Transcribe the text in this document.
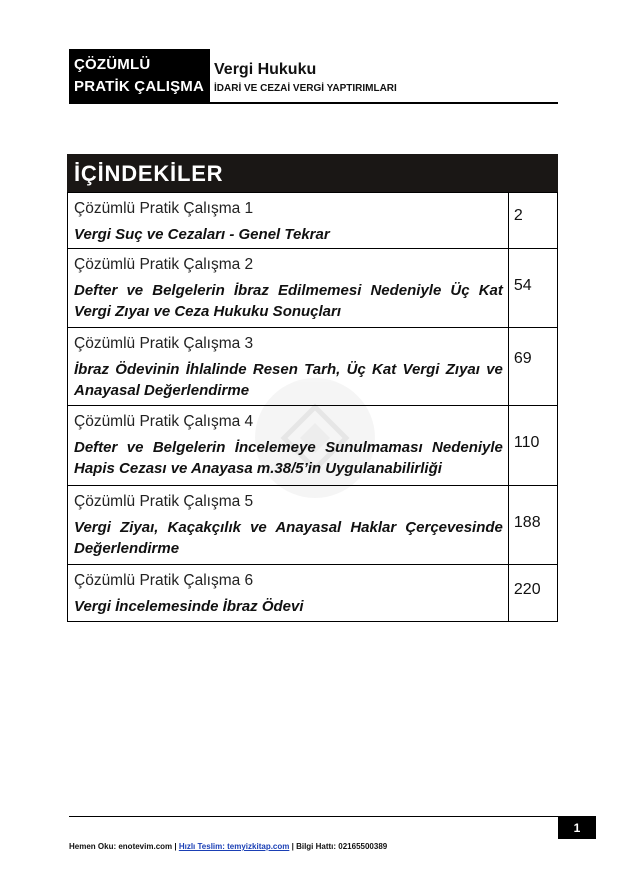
ÇÖZÜMLÜ
PRATİK ÇALIŞMA
Vergi Hukuku
İDARİ VE CEZAİ VERGİ YAPTIRIMLARI
İÇİNDEKİLER
Çözümlü Pratik Çalışma 1
Vergi Suç ve Cezaları - Genel Tekrar	2

Çözümlü Pratik Çalışma 2
Defter ve Belgelerin İbraz Edilmemesi Nedeniyle Üç Kat Vergi Zıyaı ve Ceza Hukuku Sonuçları	54

Çözümlü Pratik Çalışma 3
İbraz Ödevinin İhlalinde Resen Tarh, Üç Kat Vergi Zıyaı ve Anayasal Değerlendirme	69

Çözümlü Pratik Çalışma 4
Defter ve Belgelerin İncelemeye Sunulmaması Nedeniyle Hapis Cezası ve Anayasa m.38/5’in Uygulanabilirliği	110

Çözümlü Pratik Çalışma 5
Vergi Ziyaı, Kaçakçılık ve Anayasal Haklar Çerçevesinde Değerlendirme	188

Çözümlü Pratik Çalışma 6
Vergi İncelemesinde İbraz Ödevi	220
1
Hemen Oku: enotevim.com | Hızlı Teslim: temyizkitap.com | Bilgi Hattı: 02165500389
